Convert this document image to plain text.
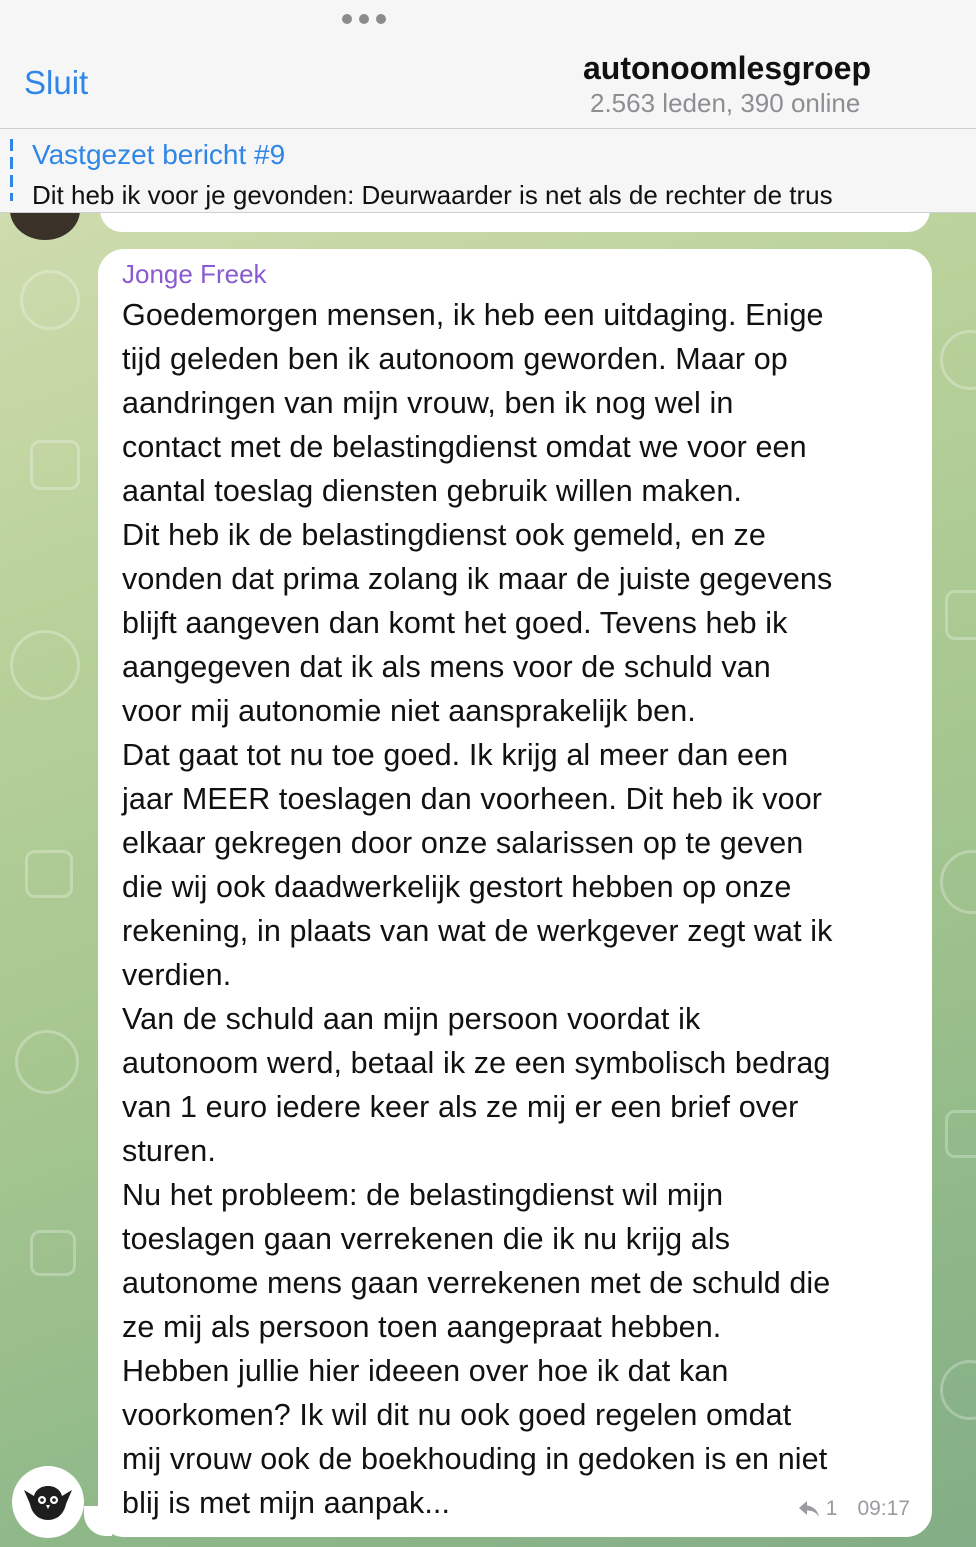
Sluit	autonoomlesgroep
2.563 leden, 390 online
Vastgezet bericht #9
Dit heb ik voor je gevonden: Deurwaarder is net als de rechter de trus
Jonge Freek
Goedemorgen mensen, ik heb een uitdaging. Enige
tijd geleden ben ik autonoom geworden. Maar op
aandringen van mijn vrouw, ben ik nog wel in
contact met de belastingdienst omdat we voor een
aantal toeslag diensten gebruik willen maken.
Dit heb ik de belastingdienst ook gemeld, en ze
vonden dat prima zolang ik maar de juiste gegevens
blijft aangeven dan komt het goed. Tevens heb ik
aangegeven dat ik als mens voor de schuld van
voor mij autonomie niet aansprakelijk ben.
Dat gaat tot nu toe goed. Ik krijg al meer dan een
jaar MEER toeslagen dan voorheen. Dit heb ik voor
elkaar gekregen door onze salarissen op te geven
die wij ook daadwerkelijk gestort hebben op onze
rekening, in plaats van wat de werkgever zegt wat ik
verdien.
Van de schuld aan mijn persoon voordat ik
autonoom werd, betaal ik ze een symbolisch bedrag
van 1 euro iedere keer als ze mij er een brief over
sturen.
Nu het probleem: de belastingdienst wil mijn
toeslagen gaan verrekenen die ik nu krijg als
autonome mens gaan verrekenen met de schuld die
ze mij als persoon toen aangepraat hebben.
Hebben jullie hier ideeen over hoe ik dat kan
voorkomen? Ik wil dit nu ook goed regelen omdat
mij vrouw ook de boekhouding in gedoken is en niet
blij is met mijn aanpak...	1 09:17
